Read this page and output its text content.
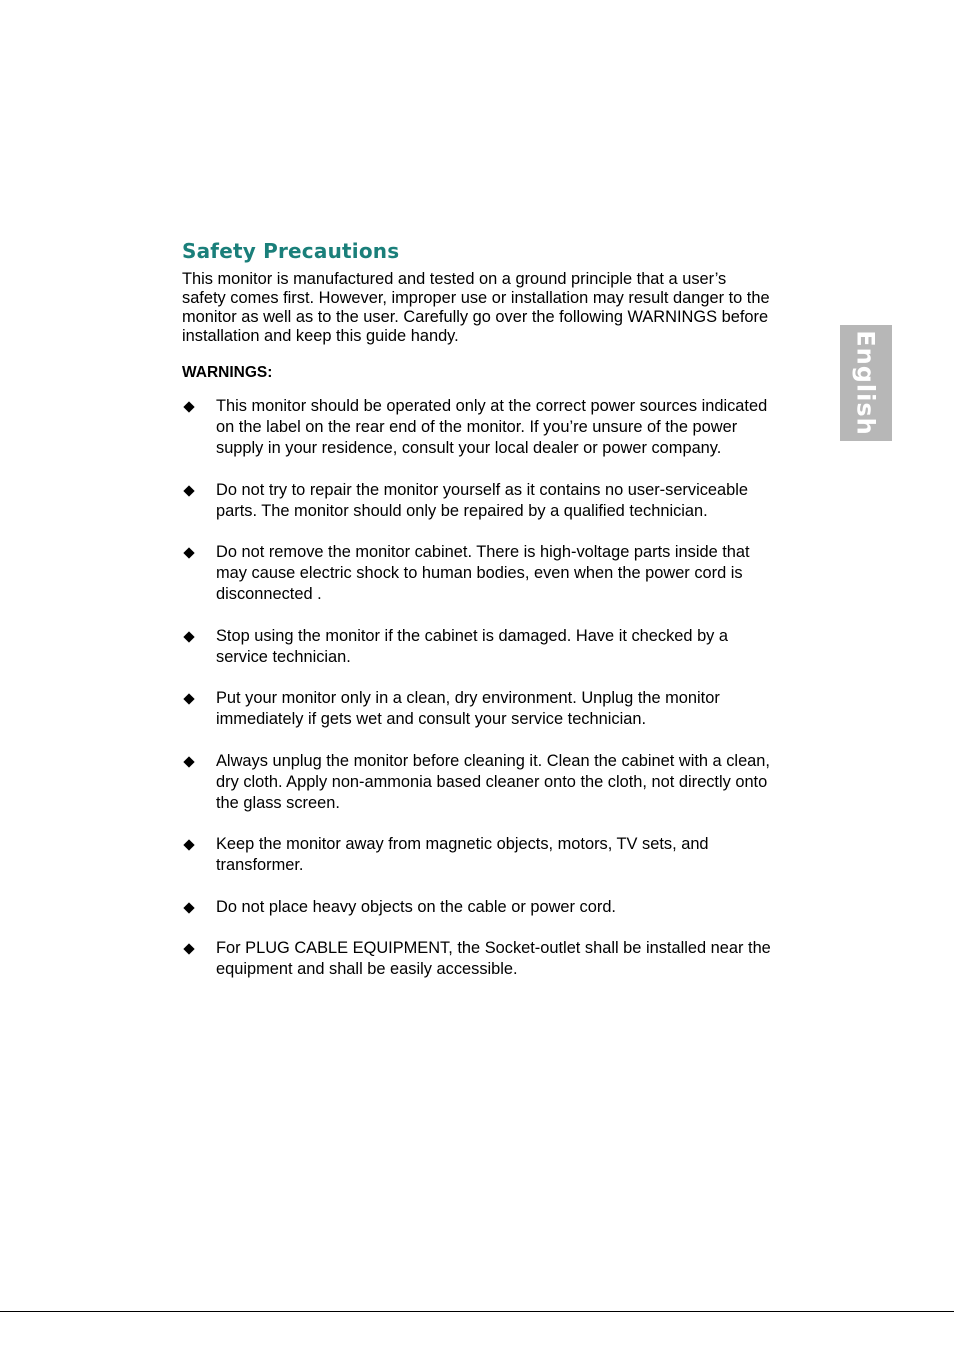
Safety Precautions

This monitor is manufactured and tested on a ground principle that a user’s safety comes first. However, improper use or installation may result danger to the monitor as well as to the user. Carefully go over the following WARNINGS before installation and keep this guide handy.

WARNINGS:

This monitor should be operated only at the correct power sources indicated on the label on the rear end of the monitor. If you’re unsure of the power supply in your residence, consult your local dealer or power company.
Do not try to repair the monitor yourself as it contains no user-serviceable parts. The monitor should only be repaired by a qualified technician.
Do not remove the monitor cabinet. There is high-voltage parts inside that may cause electric shock to human bodies, even when the power cord is disconnected .
Stop using the monitor if the cabinet is damaged. Have it checked by a service technician.
Put your monitor only in a clean, dry environment. Unplug the monitor immediately if gets wet and consult your service technician.
Always unplug the monitor before cleaning it. Clean the cabinet with a clean, dry cloth. Apply non-ammonia based cleaner onto the cloth, not directly onto the glass screen.
Keep the monitor away from magnetic objects, motors, TV sets, and transformer.
Do not place heavy objects on the cable or power cord.
For PLUG CABLE EQUIPMENT, the Socket-outlet shall be installed near the equipment and shall be easily accessible.
English
